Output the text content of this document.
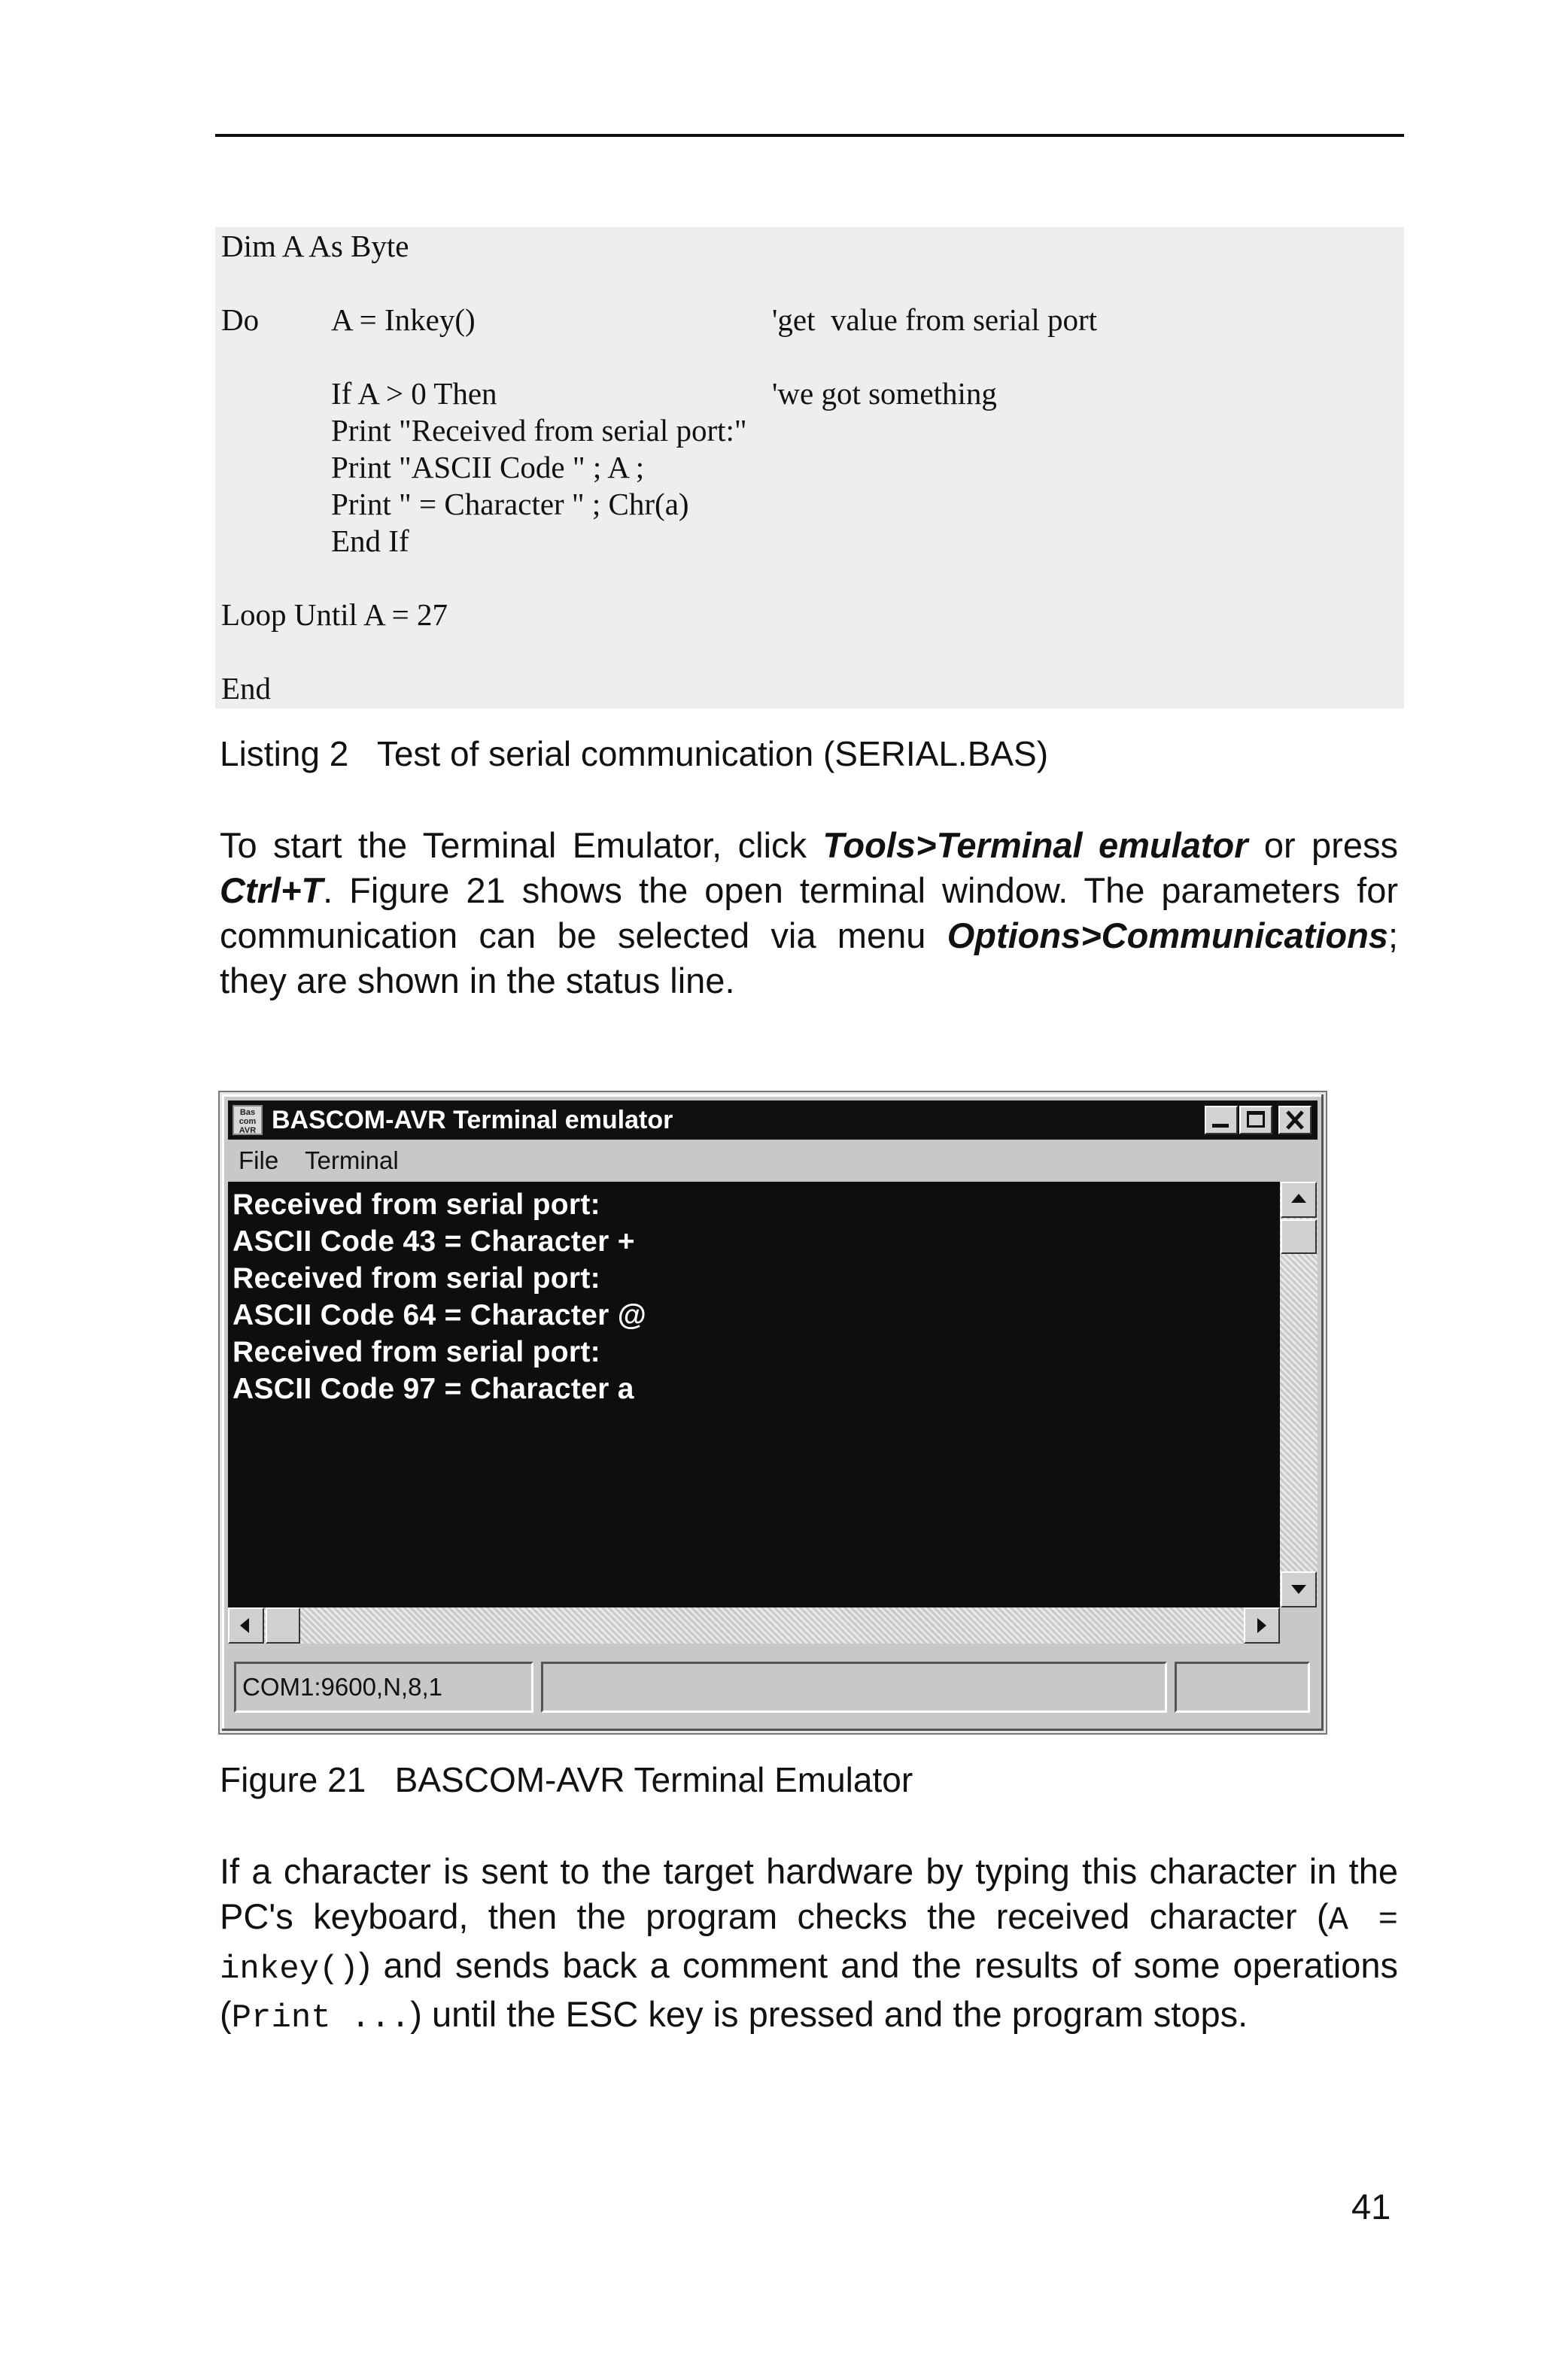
Dim A As Byte
Do A = Inkey()	'get  value from serial port
If A > 0 Then	'we got something
Print "Received from serial port:"
Print "ASCII Code " ; A ;
Print " = Character " ; Chr(a)
End If
Loop Until A = 27
End
Listing 2   Test of serial communication (SERIAL.BAS)

To start the Terminal Emulator, click Tools>Terminal emulator or press Ctrl+T. Figure 21 shows the open terminal window. The parameters for communication can be selected via menu Options>Communications; they are shown in the status line.

Bas com AVR BASCOM-AVR Terminal emulator
File Terminal
Received from serial port:
ASCII Code 43 = Character +
Received from serial port:
ASCII Code 64 = Character @
Received from serial port:
ASCII Code 97 = Character a
COM1:9600,N,8,1
Figure 21   BASCOM-AVR Terminal Emulator

If a character is sent to the target hardware by typing this character in the PC's keyboard, then the program checks the received character (A = inkey()) and sends back a comment and the results of some operations (Print ...) until the ESC key is pressed and the program stops.

41
